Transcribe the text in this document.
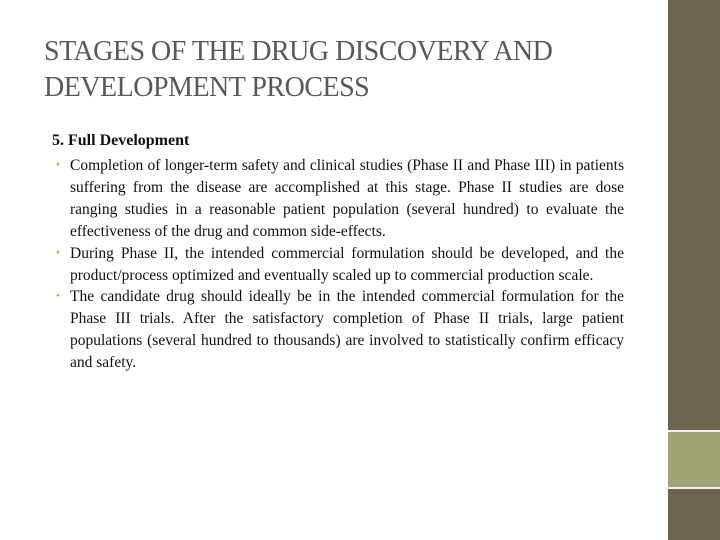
STAGES OF THE DRUG DISCOVERY AND
DEVELOPMENT PROCESS
5. Full Development
• Completion of longer-term safety and clinical studies (Phase II and Phase III) in patients suffering from the disease are accomplished at this stage. Phase II studies are dose ranging studies in a reasonable patient population (several hundred) to evaluate the effectiveness of the drug and common side-effects.
• During Phase II, the intended commercial formulation should be developed, and the product/process optimized and eventually scaled up to commercial production scale.
• The candidate drug should ideally be in the intended commercial formulation for the Phase III trials. After the satisfactory completion of Phase II trials, large patient populations (several hundred to thousands) are involved to statistically confirm efficacy and safety.
